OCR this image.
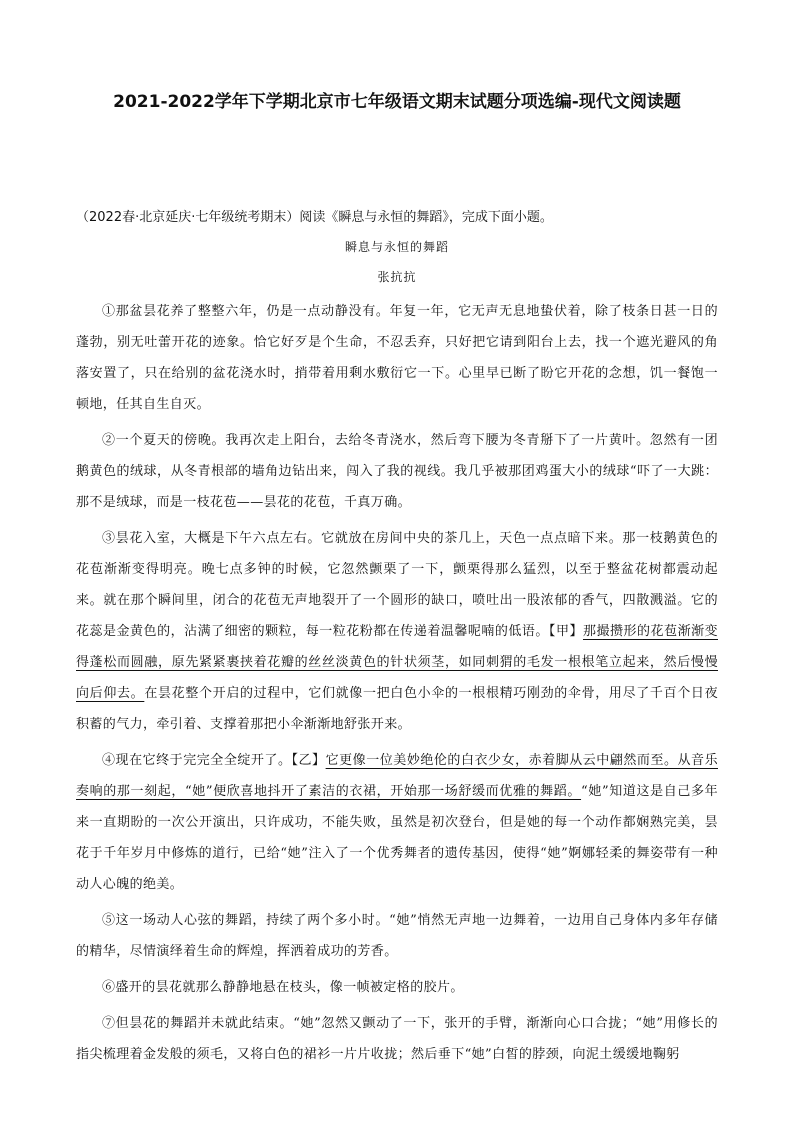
2021-2022学年下学期北京市七年级语文期末试题分项选编-现代文阅读题
（2022春·北京延庆·七年级统考期末）阅读《瞬息与永恒的舞蹈》，完成下面小题。
瞬息与永恒的舞蹈
张抗抗

①那盆昙花养了整整六年，仍是一点动静没有。年复一年，它无声无息地蛰伏着，除了枝条日甚一日的蓬勃，别无吐蕾开花的迹象。恰它好歹是个生命，不忍丢弃，只好把它请到阳台上去，找一个遮光避风的角落安置了，只在给别的盆花浇水时，捎带着用剩水敷衍它一下。心里早已断了盼它开花的念想，饥一餐饱一顿地，任其自生自灭。

②一个夏天的傍晚。我再次走上阳台，去给冬青浇水，然后弯下腰为冬青掰下了一片黄叶。忽然有一团鹅黄色的绒球，从冬青根部的墙角边钻出来，闯入了我的视线。我几乎被那团鸡蛋大小的绒球“吓了一大跳：那不是绒球，而是一枝花苞——昙花的花苞，千真万确。

③昙花入室，大概是下午六点左右。它就放在房间中央的茶几上，天色一点点暗下来。那一枝鹅黄色的花苞渐渐变得明亮。晚七点多钟的时候，它忽然颤栗了一下，颤栗得那么猛烈，以至于整盆花树都震动起来。就在那个瞬间里，闭合的花苞无声地裂开了一个圆形的缺口，喷吐出一股浓郁的香气，四散溅溢。它的花蕊是金黄色的，沾满了细密的颗粒，每一粒花粉都在传递着温馨呢喃的低语。【甲】那撮攒形的花苞渐渐变得蓬松而圆融，原先紧紧裹挟着花瓣的丝丝淡黄色的针状须茎，如同刺猬的毛发一根根笔立起来，然后慢慢向后仰去。在昙花整个开启的过程中，它们就像一把白色小伞的一根根精巧刚劲的伞骨，用尽了千百个日夜积蓄的气力，牵引着、支撑着那把小伞渐渐地舒张开来。

④现在它终于完完全全绽开了。【乙】它更像一位美妙绝伦的白衣少女，赤着脚从云中翩然而至。从音乐奏响的那一刻起，“她”便欣喜地抖开了素洁的衣裙，开始那一场舒缓而优雅的舞蹈。“她”知道这是自己多年来一直期盼的一次公开演出，只许成功，不能失败，虽然是初次登台，但是她的每一个动作都娴熟完美，昙花于千年岁月中修炼的道行，已给“她”注入了一个优秀舞者的遗传基因，使得“她”婀娜轻柔的舞姿带有一种动人心魄的绝美。

⑤这一场动人心弦的舞蹈，持续了两个多小时。“她”悄然无声地一边舞着，一边用自己身体内多年存储的精华，尽情演绎着生命的辉煌，挥洒着成功的芳香。

⑥盛开的昙花就那么静静地悬在枝头，像一帧被定格的胶片。

⑦但昙花的舞蹈并未就此结束。“她”忽然又颤动了一下，张开的手臂，渐渐向心口合拢；“她”用修长的指尖梳理着金发般的须毛，又将白色的裙衫一片片收拢；然后垂下“她”白皙的脖颈，向泥土缓缓地鞠躬
